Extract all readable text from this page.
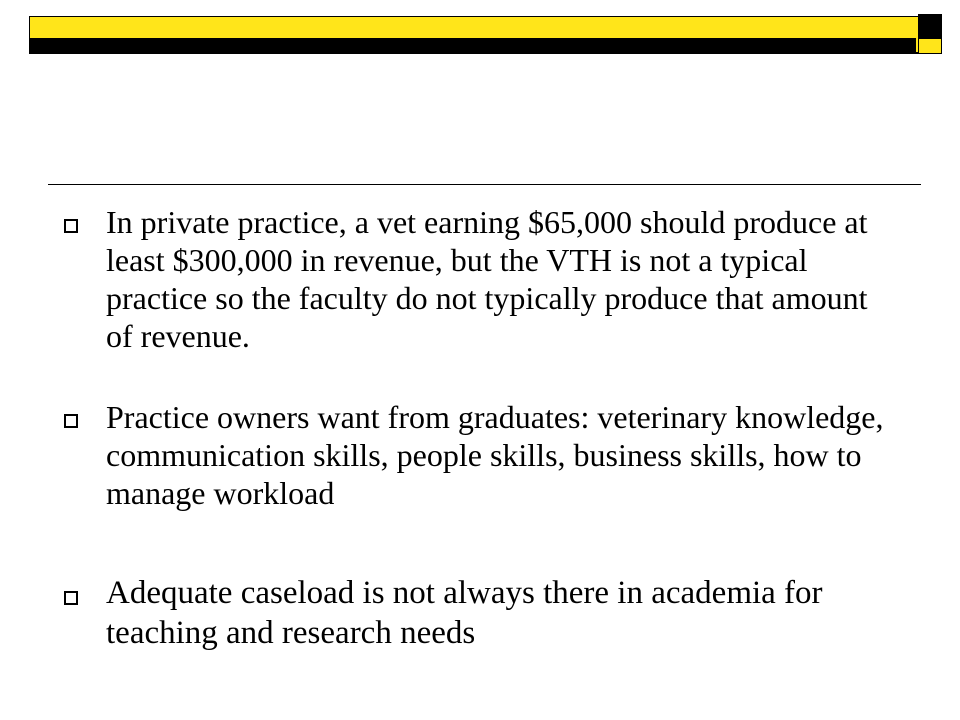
In private practice, a vet earning $65,000 should produce at least $300,000 in revenue, but the VTH is not a typical practice so the faculty do not typically produce that amount of revenue.
Practice owners want from graduates: veterinary knowledge, communication skills, people skills, business skills, how to manage workload
Adequate caseload is not always there in academia for teaching and research needs
